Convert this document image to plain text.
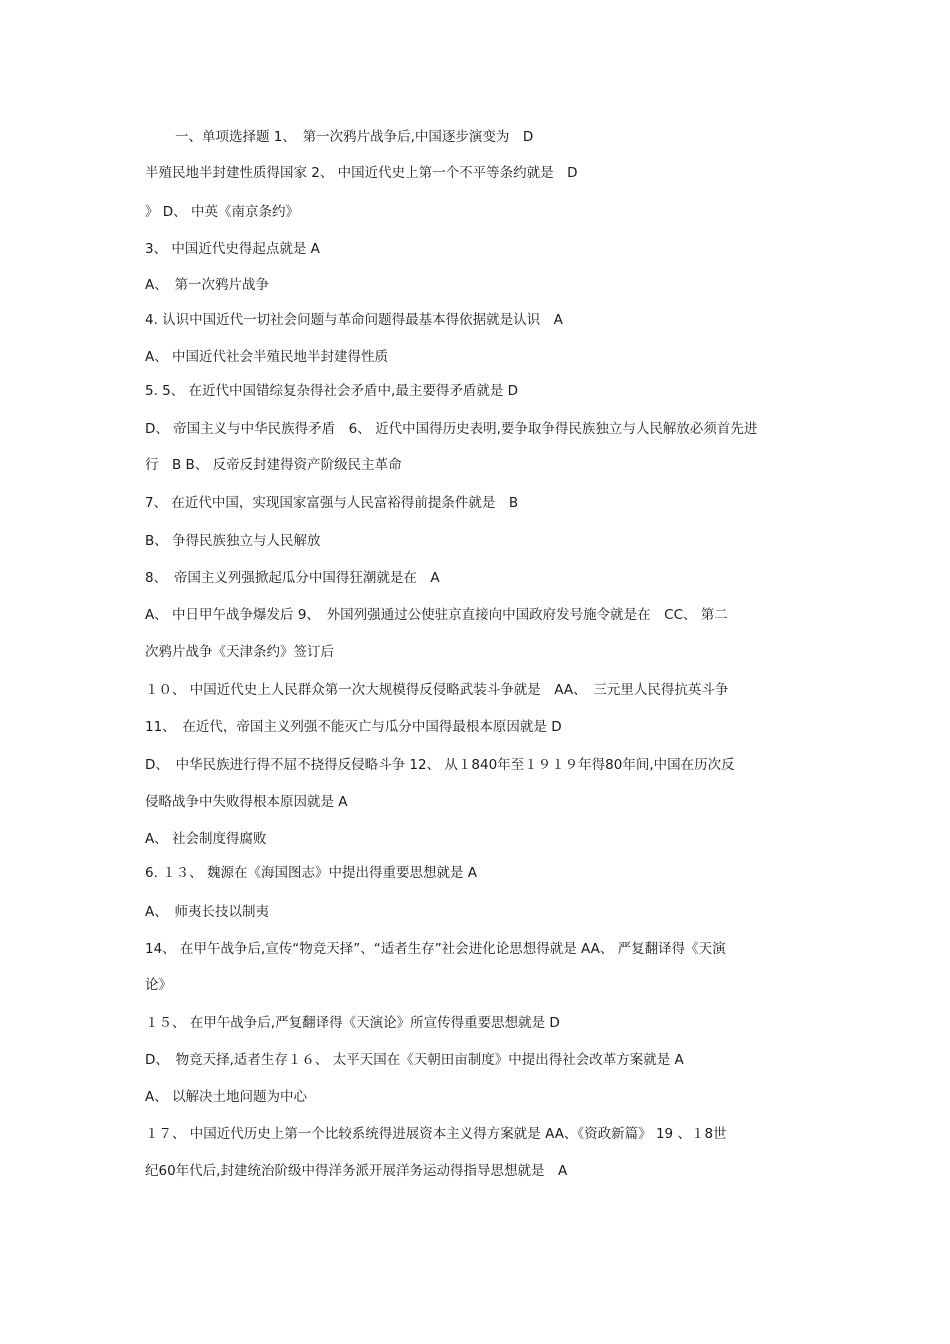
一、单项选择题 1、　第一次鸦片战争后,中国逐步演变为　D
半殖民地半封建性质得国家 2、 中国近代史上第一个不平等条约就是　D
》 D、 中英《南京条约》
3、 中国近代史得起点就是 A
A、　第一次鸦片战争
4. 认识中国近代一切社会问题与革命问题得最基本得依据就是认识　A
A、 中国近代社会半殖民地半封建得性质
5. 5、 在近代中国错综复杂得社会矛盾中,最主要得矛盾就是 D
D、 帝国主义与中华民族得矛盾　6、 近代中国得历史表明,要争取争得民族独立与人民解放必须首先进
行　B B、 反帝反封建得资产阶级民主革命
7、 在近代中国，实现国家富强与人民富裕得前提条件就是　B
B、 争得民族独立与人民解放
8、　帝国主义列强掀起瓜分中国得狂潮就是在　A
A、 中日甲午战争爆发后 9、　外国列强通过公使驻京直接向中国政府发号施令就是在　CC、 第二
次鸦片战争《天津条约》签订后
１０、 中国近代史上人民群众第一次大规模得反侵略武装斗争就是　AA、　三元里人民得抗英斗争
11、　在近代，帝国主义列强不能灭亡与瓜分中国得最根本原因就是 D
D、　中华民族进行得不屈不挠得反侵略斗争 12、 从１840年至１９１９年得80年间,中国在历次反
侵略战争中失败得根本原因就是 A
A、 社会制度得腐败
6. １３、 魏源在《海国图志》中提出得重要思想就是 A
A、　师夷长技以制夷
14、 在甲午战争后,宣传“物竞天择”、“适者生存”社会进化论思想得就是 AA、 严复翻译得《天演
论》
１５、 在甲午战争后,严复翻译得《天演论》所宣传得重要思想就是 D
D、　物竞天择,适者生存１６、 太平天国在《天朝田亩制度》中提出得社会改革方案就是 A
A、 以解决土地问题为中心
１７、 中国近代历史上第一个比较系统得进展资本主义得方案就是 AA、《资政新篇》 19 、１8世
纪60年代后,封建统治阶级中得洋务派开展洋务运动得指导思想就是　A
